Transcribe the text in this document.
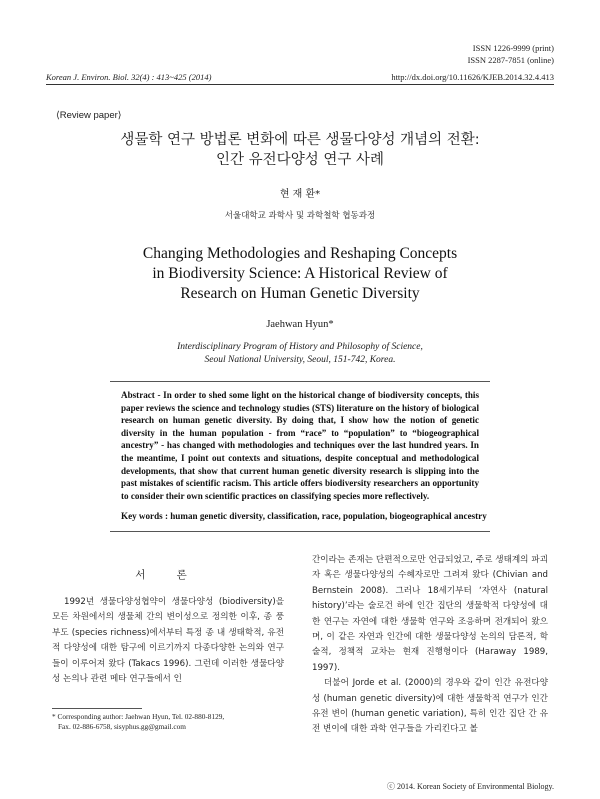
ISSN 1226-9999 (print)
ISSN 2287-7851 (online)
Korean J. Environ. Biol. 32(4) : 413~425 (2014)	http://dx.doi.org/10.11626/KJEB.2014.32.4.413
⟨Review paper⟩
생물학 연구 방법론 변화에 따른 생물다양성 개념의 전환:
인간 유전다양성 연구 사례
현 재 환*
서울대학교 과학사 및 과학철학 협동과정
Changing Methodologies and Reshaping Concepts
in Biodiversity Science: A Historical Review of
Research on Human Genetic Diversity
Jaehwan Hyun*
Interdisciplinary Program of History and Philosophy of Science,
Seoul National University, Seoul, 151-742, Korea.
Abstract - In order to shed some light on the historical change of biodiversity concepts, this paper reviews the science and technology studies (STS) literature on the history of biological research on human genetic diversity. By doing that, I show how the notion of genetic diversity in the human population - from “race” to “population” to “biogeographical ancestry” - has changed with methodologies and techniques over the last hundred years. In the meantime, I point out contexts and situations, despite conceptual and methodological developments, that show that current human genetic diversity research is slipping into the past mistakes of scientific racism. This article offers biodiversity researchers an opportunity to consider their own scientific practices on classifying species more reflectively.
Key words : human genetic diversity, classification, race, population, biogeographical ancestry
서 론
1992년 생물다양성협약이 생물다양성 (biodiversity)을 모든 차원에서의 생물체 간의 변이성으로 정의한 이후, 종 풍부도 (species richness)에서부터 특정 종 내 생태학적, 유전적 다양성에 대한 탐구에 이르기까지 다종다양한 논의와 연구들이 이루어져 왔다 (Takacs 1996). 그런데 이러한 생물다양성 논의나 관련 메타 연구들에서 인
간이라는 존재는 단편적으로만 언급되었고, 주로 생태계의 파괴자 혹은 생물다양성의 수혜자로만 그려져 왔다 (Chivian and Bernstein 2008). 그러나 18세기부터 ‘자연사 (natural history)’라는 술로건 하에 인간 집단의 생물학적 다양성에 대한 연구는 자연에 대한 생물학 연구와 조응하며 전개되어 왔으며, 이 같은 자연과 인간에 대한 생물다양성 논의의 담론적, 학술적, 정책적 교차는 현재 진행형이다 (Haraway 1989, 1997).
더불어 Jorde et al. (2000)의 경우와 같이 인간 유전다양성 (human genetic diversity)에 대한 생물학적 연구가 인간 유전 변이 (human genetic variation), 특히 인간 집단 간 유전 변이에 대한 과학 연구들을 가리킨다고 볼
* Corresponding author: Jaehwan Hyun, Tel. 02-880-8129,
Fax. 02-886-6758, sisyphus.gg@gmail.com
ⓒ 2014. Korean Society of Environmental Biology.
